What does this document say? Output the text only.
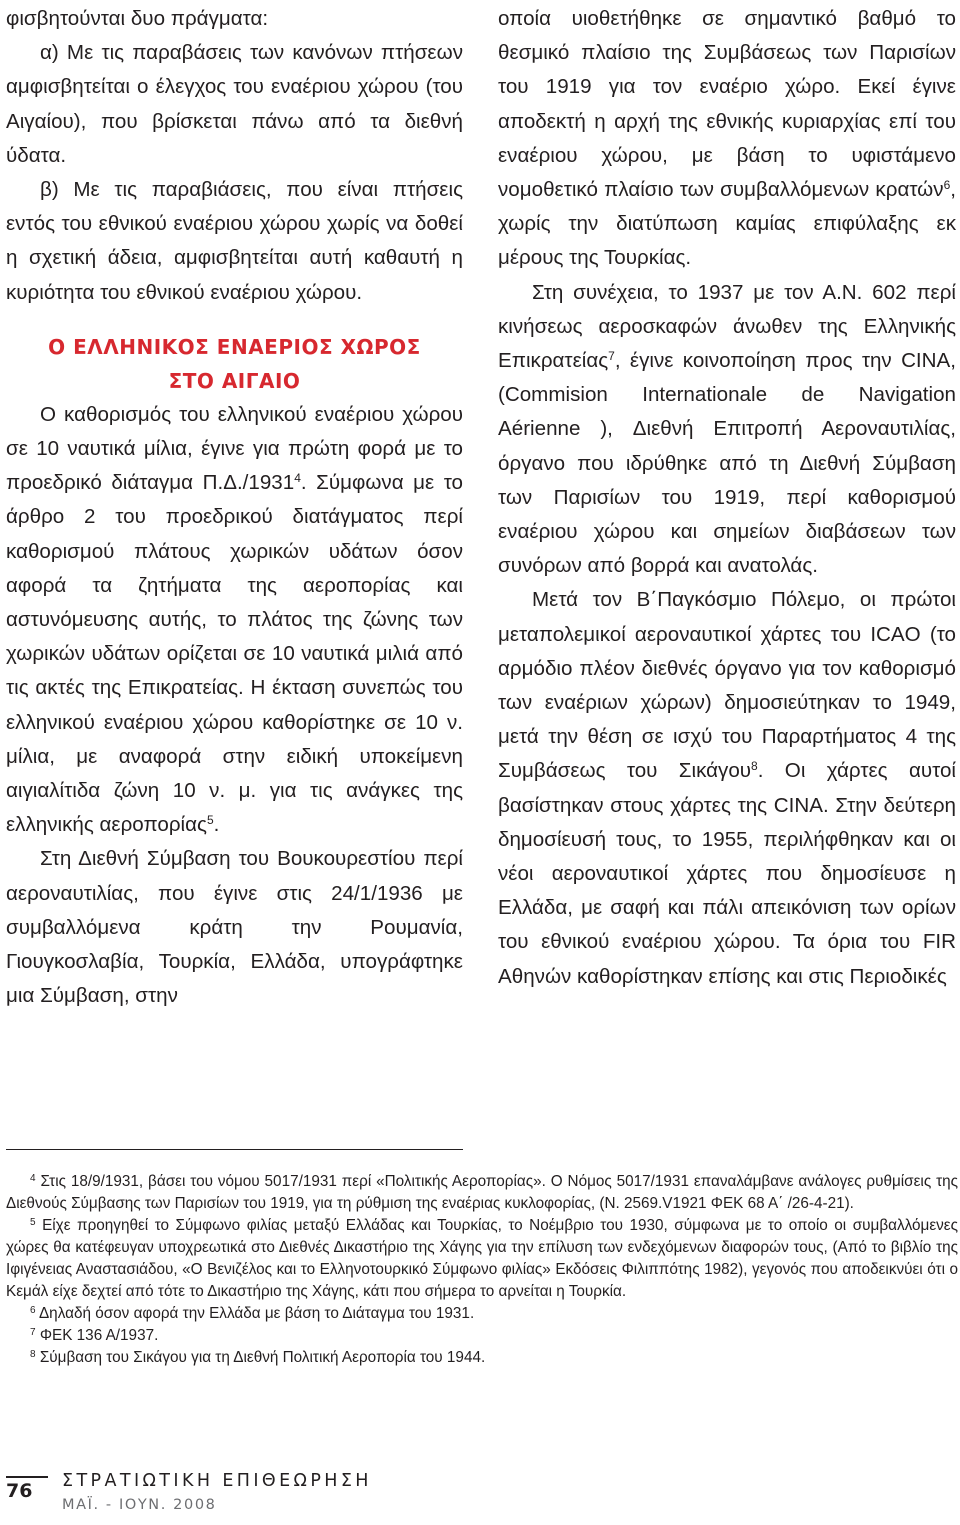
φισβητούνται δυο πράγματα:

α) Με τις παραβάσεις των κανόνων πτήσεων αμφισβητείται ο έλεγχος του εναέριου χώρου (του Αιγαίου), που βρίσκεται πάνω από τα διεθνή ύδατα.

β) Με τις παραβιάσεις, που είναι πτήσεις εντός του εθνικού εναέριου χώρου χωρίς να δοθεί η σχετική άδεια, αμφισβητείται αυτή καθαυτή η κυριότητα του εθνικού εναέριου χώρου.

Ο ΕΛΛΗΝΙΚΟΣ ΕΝΑΕΡΙΟΣ ΧΩΡΟΣ
ΣΤΟ ΑΙΓΑΙΟ

Ο καθορισμός του ελληνικού εναέριου χώρου σε 10 ναυτικά μίλια, έγινε για πρώτη φορά με το προεδρικό διάταγμα Π.Δ./1931$^4$. Σύμφωνα με το άρθρο 2 του προεδρικού διατάγματος περί καθορισμού πλάτους χωρικών υδάτων όσον αφορά τα ζητήματα της αεροπορίας και αστυνόμευσης αυτής, το πλάτος της ζώνης των χωρικών υδάτων ορίζεται σε 10 ναυτικά μιλιά από τις ακτές της Επικρατείας. Η έκταση συνεπώς του ελληνικού εναέριου χώρου καθορίστηκε σε 10 ν. μίλια, με αναφορά στην ειδική υποκείμενη αιγιαλίτιδα ζώνη 10 ν. μ. για τις ανάγκες της ελληνικής αεροπορίας$^5$.

Στη Διεθνή Σύμβαση του Βουκουρεστίου περί αεροναυτιλίας, που έγινε στις 24/1/1936 με συμβαλλόμενα κράτη την Ρουμανία, Γιουγκοσλαβία, Τουρκία, Ελλάδα, υπογράφτηκε μια Σύμβαση, στην

οποία υιοθετήθηκε σε σημαντικό βαθμό το θεσμικό πλαίσιο της Συμβάσεως των Παρισίων του 1919 για τον εναέριο χώρο. Εκεί έγινε αποδεκτή η αρχή της εθνικής κυριαρχίας επί του εναέριου χώρου, με βάση το υφιστάμενο νομοθετικό πλαίσιο των συμβαλλόμενων κρατών$^6$, χωρίς την διατύπωση καμίας επιφύλαξης εκ μέρους της Τουρκίας.

Στη συνέχεια, το 1937 με τον Α.Ν. 602 περί κινήσεως αεροσκαφών άνωθεν της Ελληνικής Επικρατείας$^7$, έγινε κοινοποίηση προς την CINA, (Commision Internationale de Navigation Aérienne ), Διεθνή Επιτροπή Αεροναυτιλίας, όργανο που ιδρύθηκε από τη Διεθνή Σύμβαση των Παρισίων του 1919, περί καθορισμού εναέριου χώρου και σημείων διαβάσεων των συνόρων από βορρά και ανατολάς.

Μετά τον Β΄Παγκόσμιο Πόλεμο, οι πρώτοι μεταπολεμικοί αεροναυτικοί χάρτες του ICAO (το αρμόδιο πλέον διεθνές όργανο για τον καθορισμό των εναέριων χώρων) δημοσιεύτηκαν το 1949, μετά την θέση σε ισχύ του Παραρτήματος 4 της Συμβάσεως του Σικάγου$^8$. Οι χάρτες αυτοί βασίστηκαν στους χάρτες της CINA. Στην δεύτερη δημοσίευσή τους, το 1955, περιλήφθηκαν και οι νέοι αεροναυτικοί χάρτες που δημοσίευσε η Ελλάδα, με σαφή και πάλι απεικόνιση των ορίων του εθνικού εναέριου χώρου. Τα όρια του FIR Αθηνών καθορίστηκαν επίσης και στις Περιοδικές

$^4$ Στις 18/9/1931, βάσει του νόμου 5017/1931 περί «Πολιτικής Αεροπορίας». Ο Νόμος 5017/1931 επαναλάμβανε ανάλογες ρυθμίσεις της Διεθνούς Σύμβασης των Παρισίων του 1919, για τη ρύθμιση της εναέριας κυκλοφορίας, (Ν. 2569.V1921 ΦΕΚ 68 Α΄ /26-4-21).

$^5$ Είχε προηγηθεί το Σύμφωνο φιλίας μεταξύ Ελλάδας και Τουρκίας, το Νοέμβριο του 1930, σύμφωνα με το οποίο οι συμβαλλόμενες χώρες θα κατέφευγαν υποχρεωτικά στο Διεθνές Δικαστήριο της Χάγης για την επίλυση των ενδεχόμενων διαφορών τους, (Από το βιβλίο της Ιφιγένειας Αναστασιάδου, «Ο Βενιζέλος και το Ελληνοτουρκικό Σύμφωνο φιλίας» Εκδόσεις Φιλιππότης 1982), γεγονός που αποδεικνύει ότι ο Κεμάλ είχε δεχτεί από τότε το Δικαστήριο της Χάγης, κάτι που σήμερα το αρνείται η Τουρκία.

$^6$ Δηλαδή όσον αφορά την Ελλάδα με βάση το Διάταγμα του 1931.

$^7$ ΦΕΚ 136 Α/1937.

$^8$ Σύμβαση του Σικάγου για τη Διεθνή Πολιτική Αεροπορία του 1944.

76	ΣΤΡΑΤΙΩΤΙΚΗ ΕΠΙΘΕΩΡΗΣΗ
ΜΑΪ. - ΙΟΥΝ. 2008
